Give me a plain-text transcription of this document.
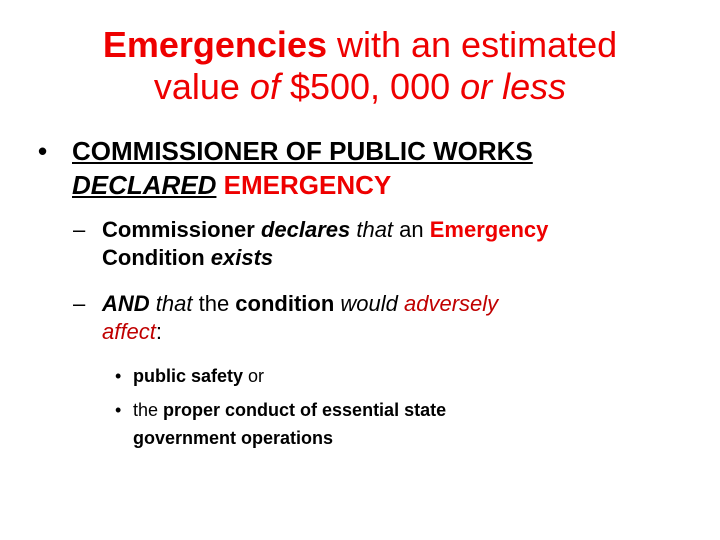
Emergencies with an estimated
value of $500, 000 or less
• COMMISSIONER OF PUBLIC WORKS
DECLARED EMERGENCY
– Commissioner declares that an Emergency
Condition exists
– AND that the condition would adversely
affect:
• public safety or
• the proper conduct of essential state
government operations
